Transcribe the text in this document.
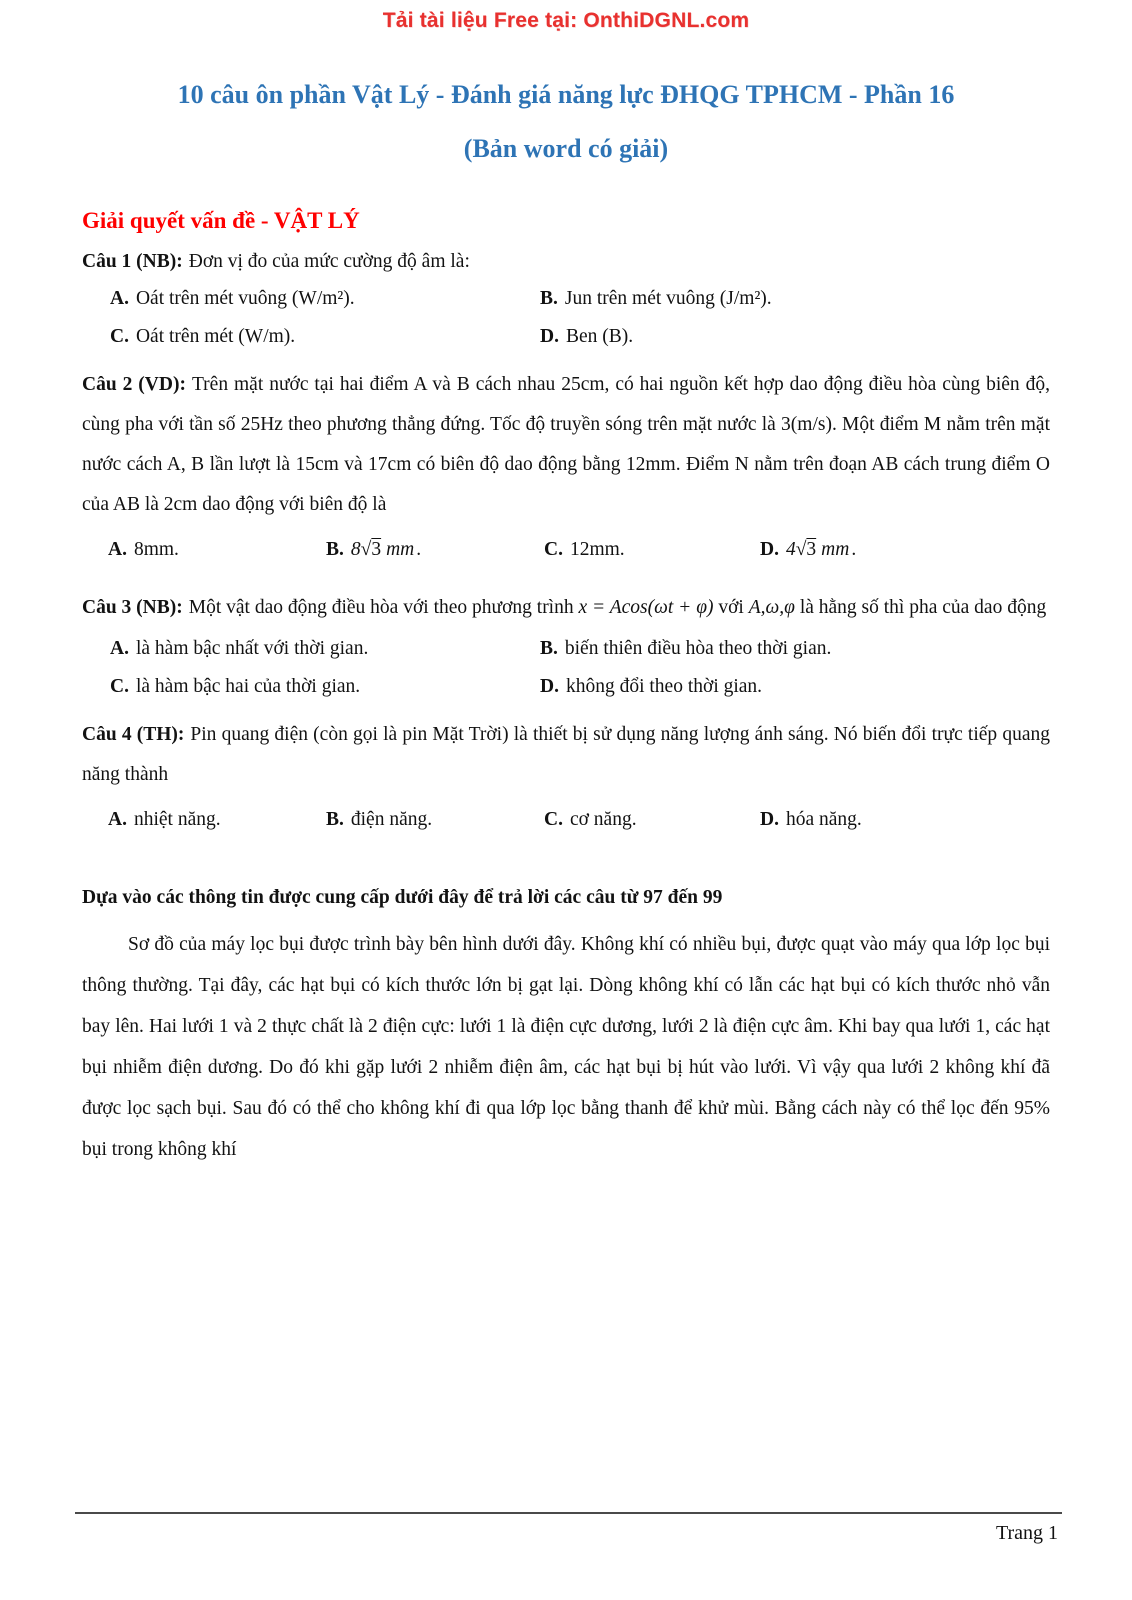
Tải tài liệu Free tại: OnthiDGNL.com
10 câu ôn phần Vật Lý - Đánh giá năng lực ĐHQG TPHCM - Phần 16
(Bản word có giải)
Giải quyết vấn đề - VẬT LÝ

Câu 1 (NB): Đơn vị đo của mức cường độ âm là:

A. Oát trên mét vuông (W/m²).	B. Jun trên mét vuông (J/m²).
C. Oát trên mét (W/m).	D. Ben (B).

Câu 2 (VD): Trên mặt nước tại hai điểm A và B cách nhau 25cm, có hai nguồn kết hợp dao động điều hòa cùng biên độ, cùng pha với tần số 25Hz theo phương thẳng đứng. Tốc độ truyền sóng trên mặt nước là 3(m/s). Một điểm M nằm trên mặt nước cách A, B lần lượt là 15cm và 17cm có biên độ dao động bằng 12mm. Điểm N nằm trên đoạn AB cách trung điểm O của AB là 2cm dao động với biên độ là

A. 8mm.	B. 8 √ 3 mm .	C. 12mm.	D. 4 √ 3 mm .

Câu 3 (NB): Một vật dao động điều hòa với theo phương trình x = Acos(ωt + φ) với A,ω,φ là hằng số thì pha của dao động

A. là hàm bậc nhất với thời gian.	B. biến thiên điều hòa theo thời gian.
C. là hàm bậc hai của thời gian.	D. không đổi theo thời gian.

Câu 4 (TH): Pin quang điện (còn gọi là pin Mặt Trời) là thiết bị sử dụng năng lượng ánh sáng. Nó biến đổi trực tiếp quang năng thành

A. nhiệt năng.	B. điện năng.	C. cơ năng.	D. hóa năng.

Dựa vào các thông tin được cung cấp dưới đây để trả lời các câu từ 97 đến 99

Sơ đồ của máy lọc bụi được trình bày bên hình dưới đây. Không khí có nhiều bụi, được quạt vào máy qua lớp lọc bụi thông thường. Tại đây, các hạt bụi có kích thước lớn bị gạt lại. Dòng không khí có lẫn các hạt bụi có kích thước nhỏ vẫn bay lên. Hai lưới 1 và 2 thực chất là 2 điện cực: lưới 1 là điện cực dương, lưới 2 là điện cực âm. Khi bay qua lưới 1, các hạt bụi nhiễm điện dương. Do đó khi gặp lưới 2 nhiễm điện âm, các hạt bụi bị hút vào lưới. Vì vậy qua lưới 2 không khí đã được lọc sạch bụi. Sau đó có thể cho không khí đi qua lớp lọc bằng thanh để khử mùi. Bằng cách này có thể lọc đến 95% bụi trong không khí

Trang 1
